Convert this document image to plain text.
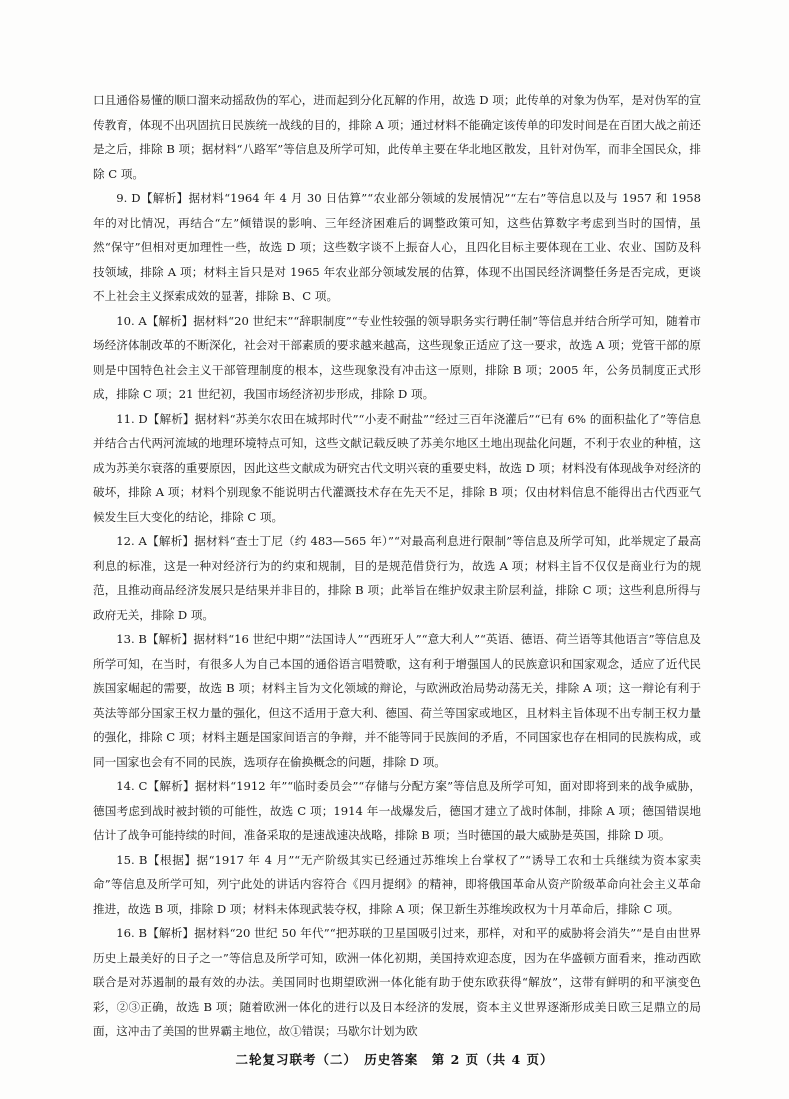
口且通俗易懂的顺口溜来动摇敌伪的军心，进而起到分化瓦解的作用，故选 D 项；此传单的对象为伪军，是对伪军的宣传教育，体现不出巩固抗日民族统一战线的目的，排除 A 项；通过材料不能确定该传单的印发时间是在百团大战之前还是之后，排除 B 项；据材料“八路军”等信息及所学可知，此传单主要在华北地区散发，且针对伪军，而非全国民众，排除 C 项。

9. D【解析】据材料“1964 年 4 月 30 日估算”“农业部分领域的发展情况”“左右”等信息以及与 1957 和 1958 年的对比情况，再结合“左”倾错误的影响、三年经济困难后的调整政策可知，这些估算数字考虑到当时的国情，虽然“保守”但相对更加理性一些，故选 D 项；这些数字谈不上振奋人心，且四化目标主要体现在工业、农业、国防及科技领域，排除 A 项；材料主旨只是对 1965 年农业部分领域发展的估算，体现不出国民经济调整任务是否完成，更谈不上社会主义探索成效的显著，排除 B、C 项。

10. A【解析】据材料“20 世纪末”“辞职制度”“专业性较强的领导职务实行聘任制”等信息并结合所学可知，随着市场经济体制改革的不断深化，社会对干部素质的要求越来越高，这些现象正适应了这一要求，故选 A 项；党管干部的原则是中国特色社会主义干部管理制度的根本，这些现象没有冲击这一原则，排除 B 项；2005 年，公务员制度正式形成，排除 C 项；21 世纪初，我国市场经济初步形成，排除 D 项。

11. D【解析】据材料“苏美尔农田在城邦时代”“小麦不耐盐”“经过三百年浇灌后”“已有 6% 的面积盐化了”等信息并结合古代两河流域的地理环境特点可知，这些文献记载反映了苏美尔地区土地出现盐化问题，不利于农业的种植，这成为苏美尔衰落的重要原因，因此这些文献成为研究古代文明兴衰的重要史料，故选 D 项；材料没有体现战争对经济的破坏，排除 A 项；材料个别现象不能说明古代灌溉技术存在先天不足，排除 B 项；仅由材料信息不能得出古代西亚气候发生巨大变化的结论，排除 C 项。

12. A【解析】据材料“查士丁尼（约 483—565 年）”“对最高利息进行限制”等信息及所学可知，此举规定了最高利息的标准，这是一种对经济行为的约束和规制，目的是规范借贷行为，故选 A 项；材料主旨不仅仅是商业行为的规范，且推动商品经济发展只是结果并非目的，排除 B 项；此举旨在维护奴隶主阶层利益，排除 C 项；这些利息所得与政府无关，排除 D 项。

13. B【解析】据材料“16 世纪中期”“法国诗人”“西班牙人”“意大利人”“英语、德语、荷兰语等其他语言”等信息及所学可知，在当时，有很多人为自己本国的通俗语言唱赞歌，这有利于增强国人的民族意识和国家观念，适应了近代民族国家崛起的需要，故选 B 项；材料主旨为文化领域的辩论，与欧洲政治局势动荡无关，排除 A 项；这一辩论有利于英法等部分国家王权力量的强化，但这不适用于意大利、德国、荷兰等国家或地区，且材料主旨体现不出专制王权力量的强化，排除 C 项；材料主题是国家间语言的争辩，并不能等同于民族间的矛盾，不同国家也存在相同的民族构成，或同一国家也会有不同的民族，选项存在偷换概念的问题，排除 D 项。

14. C【解析】据材料“1912 年”“临时委员会”“存储与分配方案”等信息及所学可知，面对即将到来的战争威胁，德国考虑到战时被封锁的可能性，故选 C 项；1914 年一战爆发后，德国才建立了战时体制，排除 A 项；德国错误地估计了战争可能持续的时间，准备采取的是速战速决战略，排除 B 项；当时德国的最大威胁是英国，排除 D 项。

15. B【根据】据“1917 年 4 月”“无产阶级其实已经通过苏维埃上台掌权了”“诱导工农和士兵继续为资本家卖命”等信息及所学可知，列宁此处的讲话内容符合《四月提纲》的精神，即将俄国革命从资产阶级革命向社会主义革命推进，故选 B 项，排除 D 项；材料未体现武装夺权，排除 A 项；保卫新生苏维埃政权为十月革命后，排除 C 项。

16. B【解析】据材料“20 世纪 50 年代”“把苏联的卫星国吸引过来，那样，对和平的威胁将会消失”“是自由世界历史上最美好的日子之一”等信息及所学可知，欧洲一体化初期，美国持欢迎态度，因为在华盛顿方面看来，推动西欧联合是对苏遏制的最有效的办法。美国同时也期望欧洲一体化能有助于使东欧获得“解放”，这带有鲜明的和平演变色彩，②③正确，故选 B 项；随着欧洲一体化的进行以及日本经济的发展，资本主义世界逐渐形成美日欧三足鼎立的局面，这冲击了美国的世界霸主地位，故①错误；马歇尔计划为欧

二轮复习联考（二）　历史答案　第 2 页（共 4 页）
